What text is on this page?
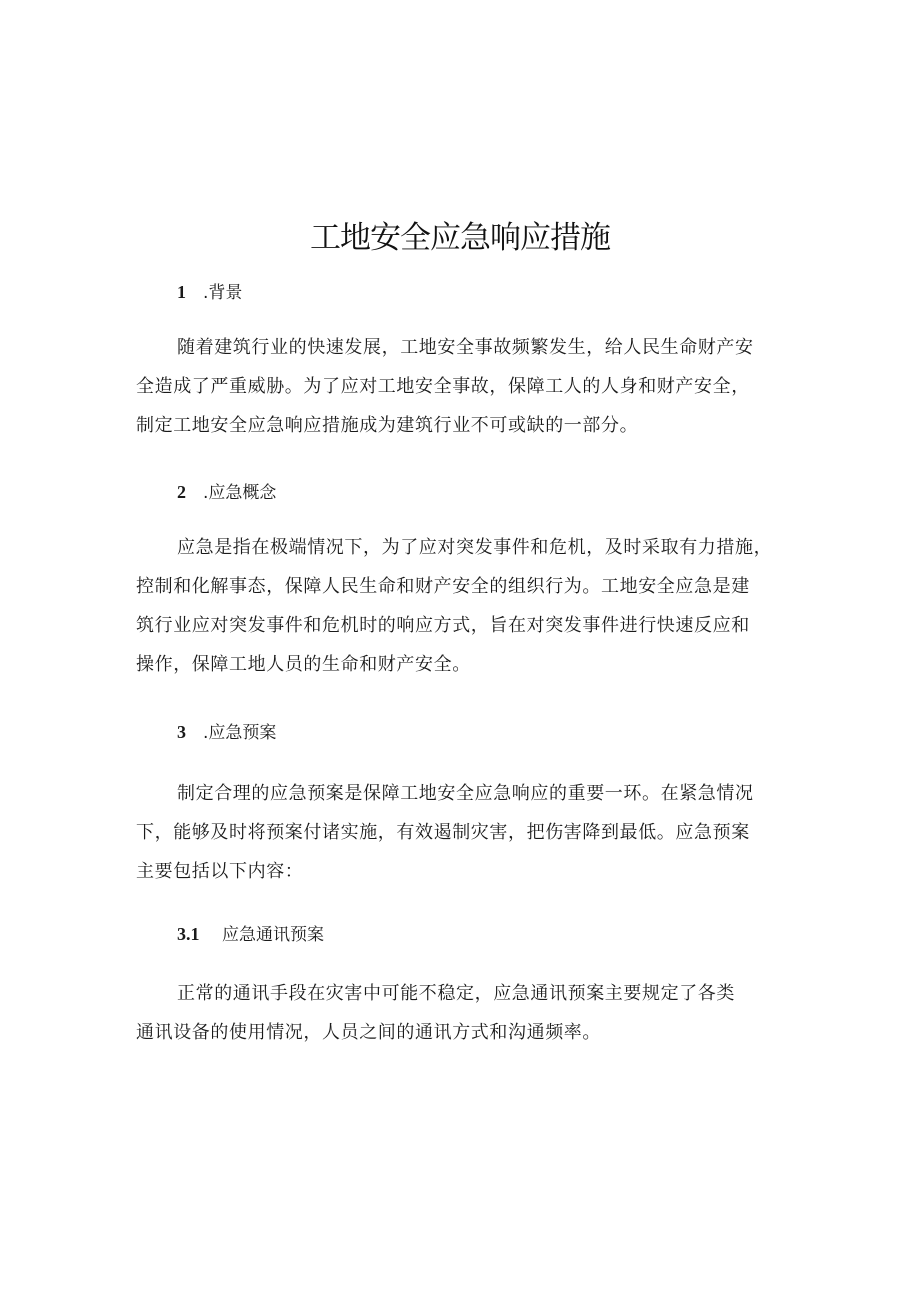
工地安全应急响应措施
1 .背景

随着建筑行业的快速发展，工地安全事故频繁发生，给人民生命财产安
全造成了严重威胁。为了应对工地安全事故，保障工人的人身和财产安全，
制定工地安全应急响应措施成为建筑行业不可或缺的一部分。

2 .应急概念

应急是指在极端情况下，为了应对突发事件和危机，及时采取有力措施，
控制和化解事态，保障人民生命和财产安全的组织行为。工地安全应急是建
筑行业应对突发事件和危机时的响应方式，旨在对突发事件进行快速反应和
操作，保障工地人员的生命和财产安全。

3 .应急预案

制定合理的应急预案是保障工地安全应急响应的重要一环。在紧急情况
下，能够及时将预案付诸实施，有效遏制灾害，把伤害降到最低。应急预案
主要包括以下内容：

3.1 应急通讯预案

正常的通讯手段在灾害中可能不稳定，应急通讯预案主要规定了各类
通讯设备的使用情况，人员之间的通讯方式和沟通频率。
